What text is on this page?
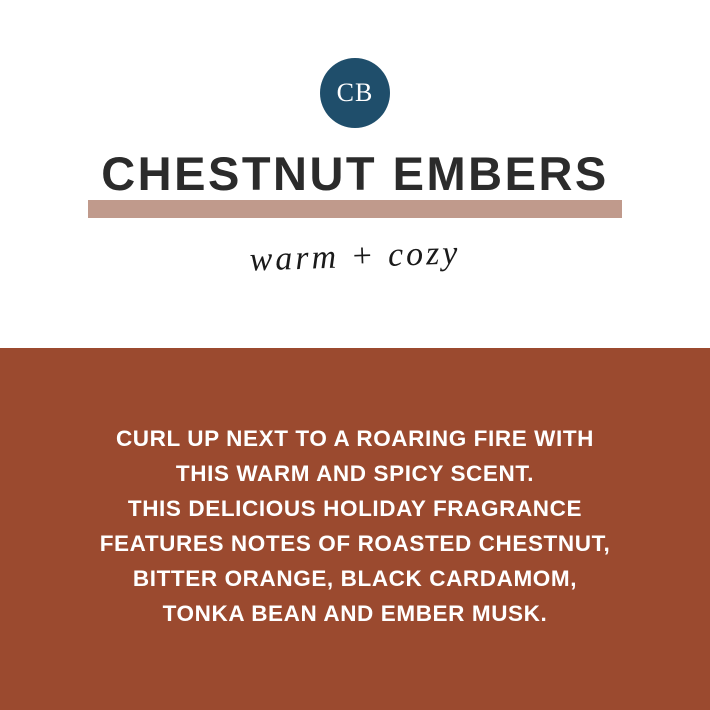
CB
CHESTNUT EMBERS
warm + cozy
CURL UP NEXT TO A ROARING FIRE WITH
THIS WARM AND SPICY SCENT.
THIS DELICIOUS HOLIDAY FRAGRANCE
FEATURES NOTES OF ROASTED CHESTNUT,
BITTER ORANGE, BLACK CARDAMOM,
TONKA BEAN AND EMBER MUSK.
